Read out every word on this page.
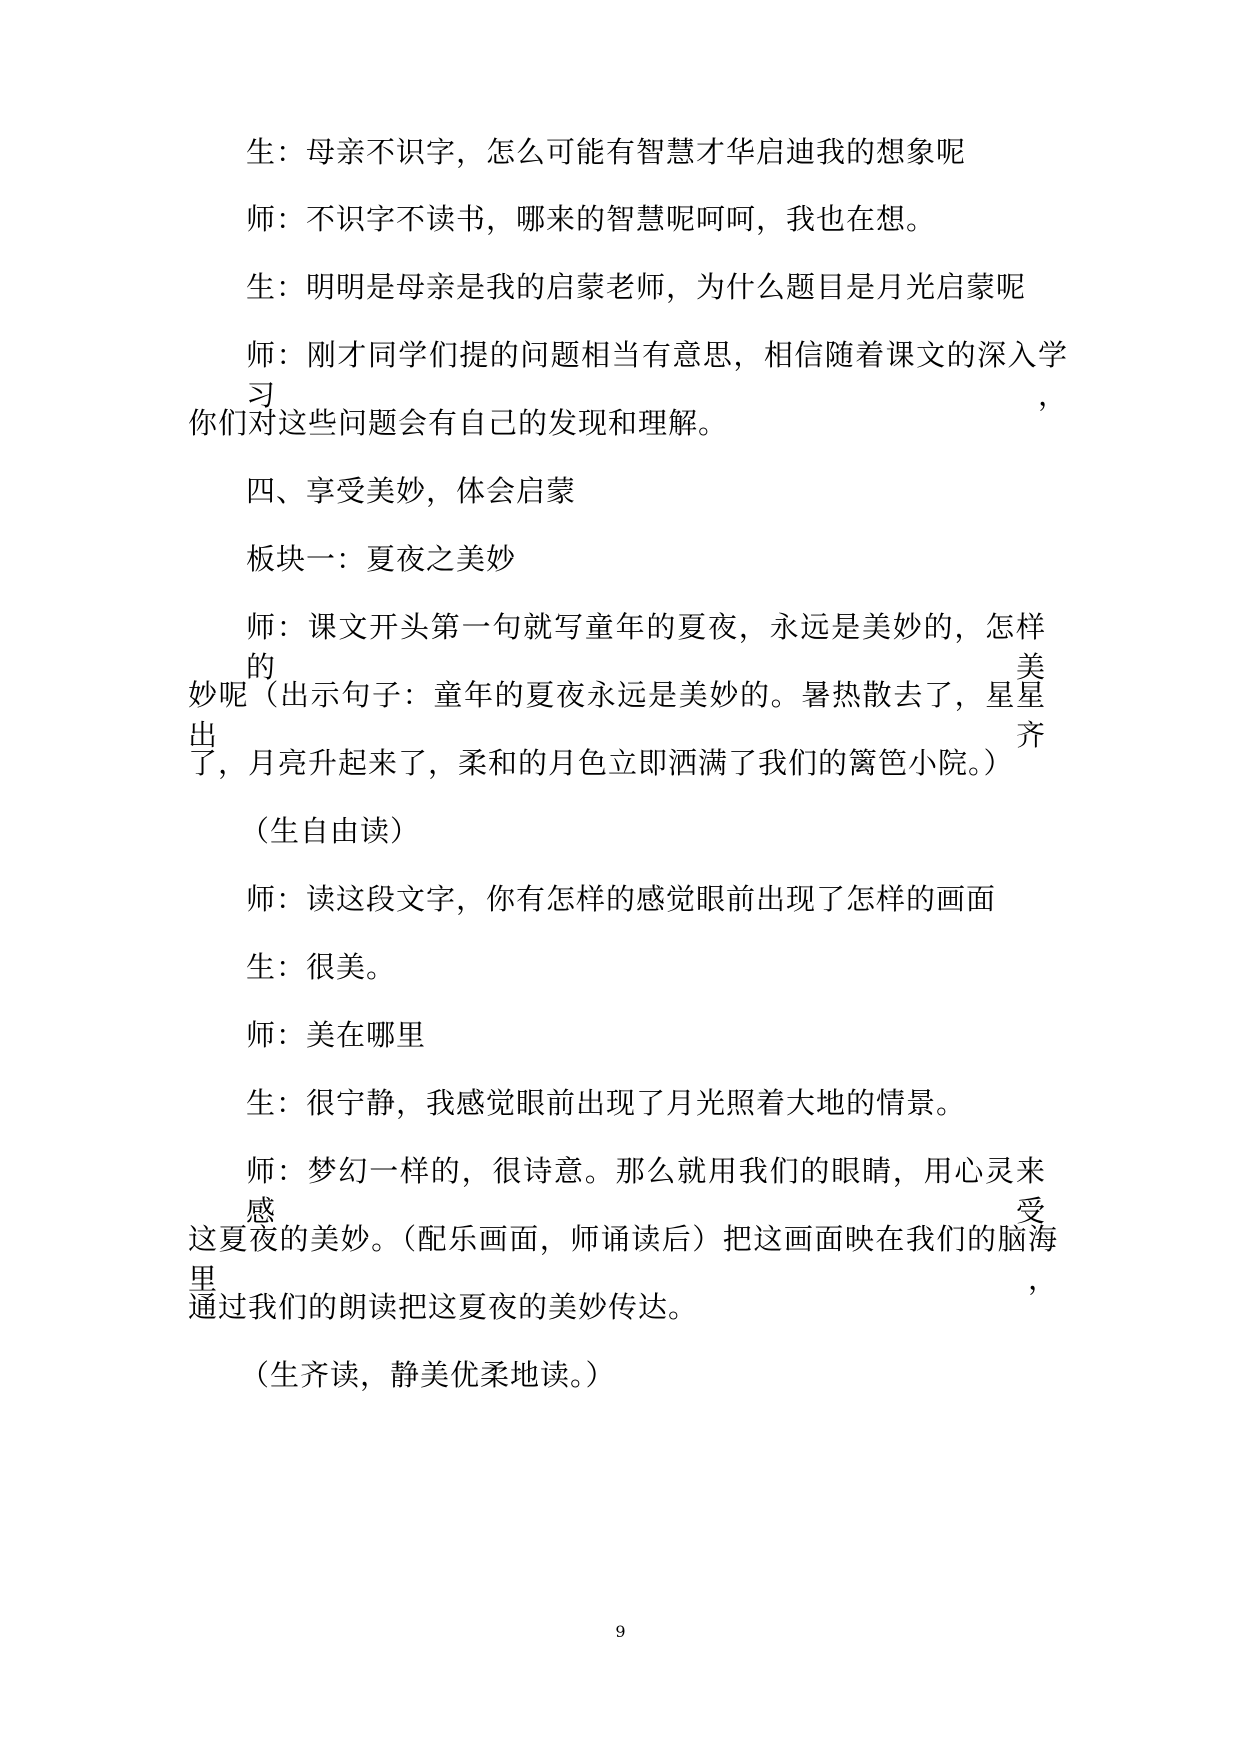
生：母亲不识字，怎么可能有智慧才华启迪我的想象呢
师：不识字不读书，哪来的智慧呢呵呵，我也在想。
生：明明是母亲是我的启蒙老师，为什么题目是月光启蒙呢
师：刚才同学们提的问题相当有意思，相信随着课文的深入学习，
你们对这些问题会有自己的发现和理解。
四、享受美妙，体会启蒙
板块一：夏夜之美妙
师：课文开头第一句就写童年的夏夜，永远是美妙的，怎样的美
妙呢（出示句子：童年的夏夜永远是美妙的。暑热散去了，星星出齐
了，月亮升起来了，柔和的月色立即洒满了我们的篱笆小院。）
（生自由读）
师：读这段文字，你有怎样的感觉眼前出现了怎样的画面
生：很美。
师：美在哪里
生：很宁静，我感觉眼前出现了月光照着大地的情景。
师：梦幻一样的，很诗意。那么就用我们的眼睛，用心灵来感受
这夏夜的美妙。（配乐画面，师诵读后）把这画面映在我们的脑海里，
通过我们的朗读把这夏夜的美妙传达。
（生齐读，静美优柔地读。）
9
